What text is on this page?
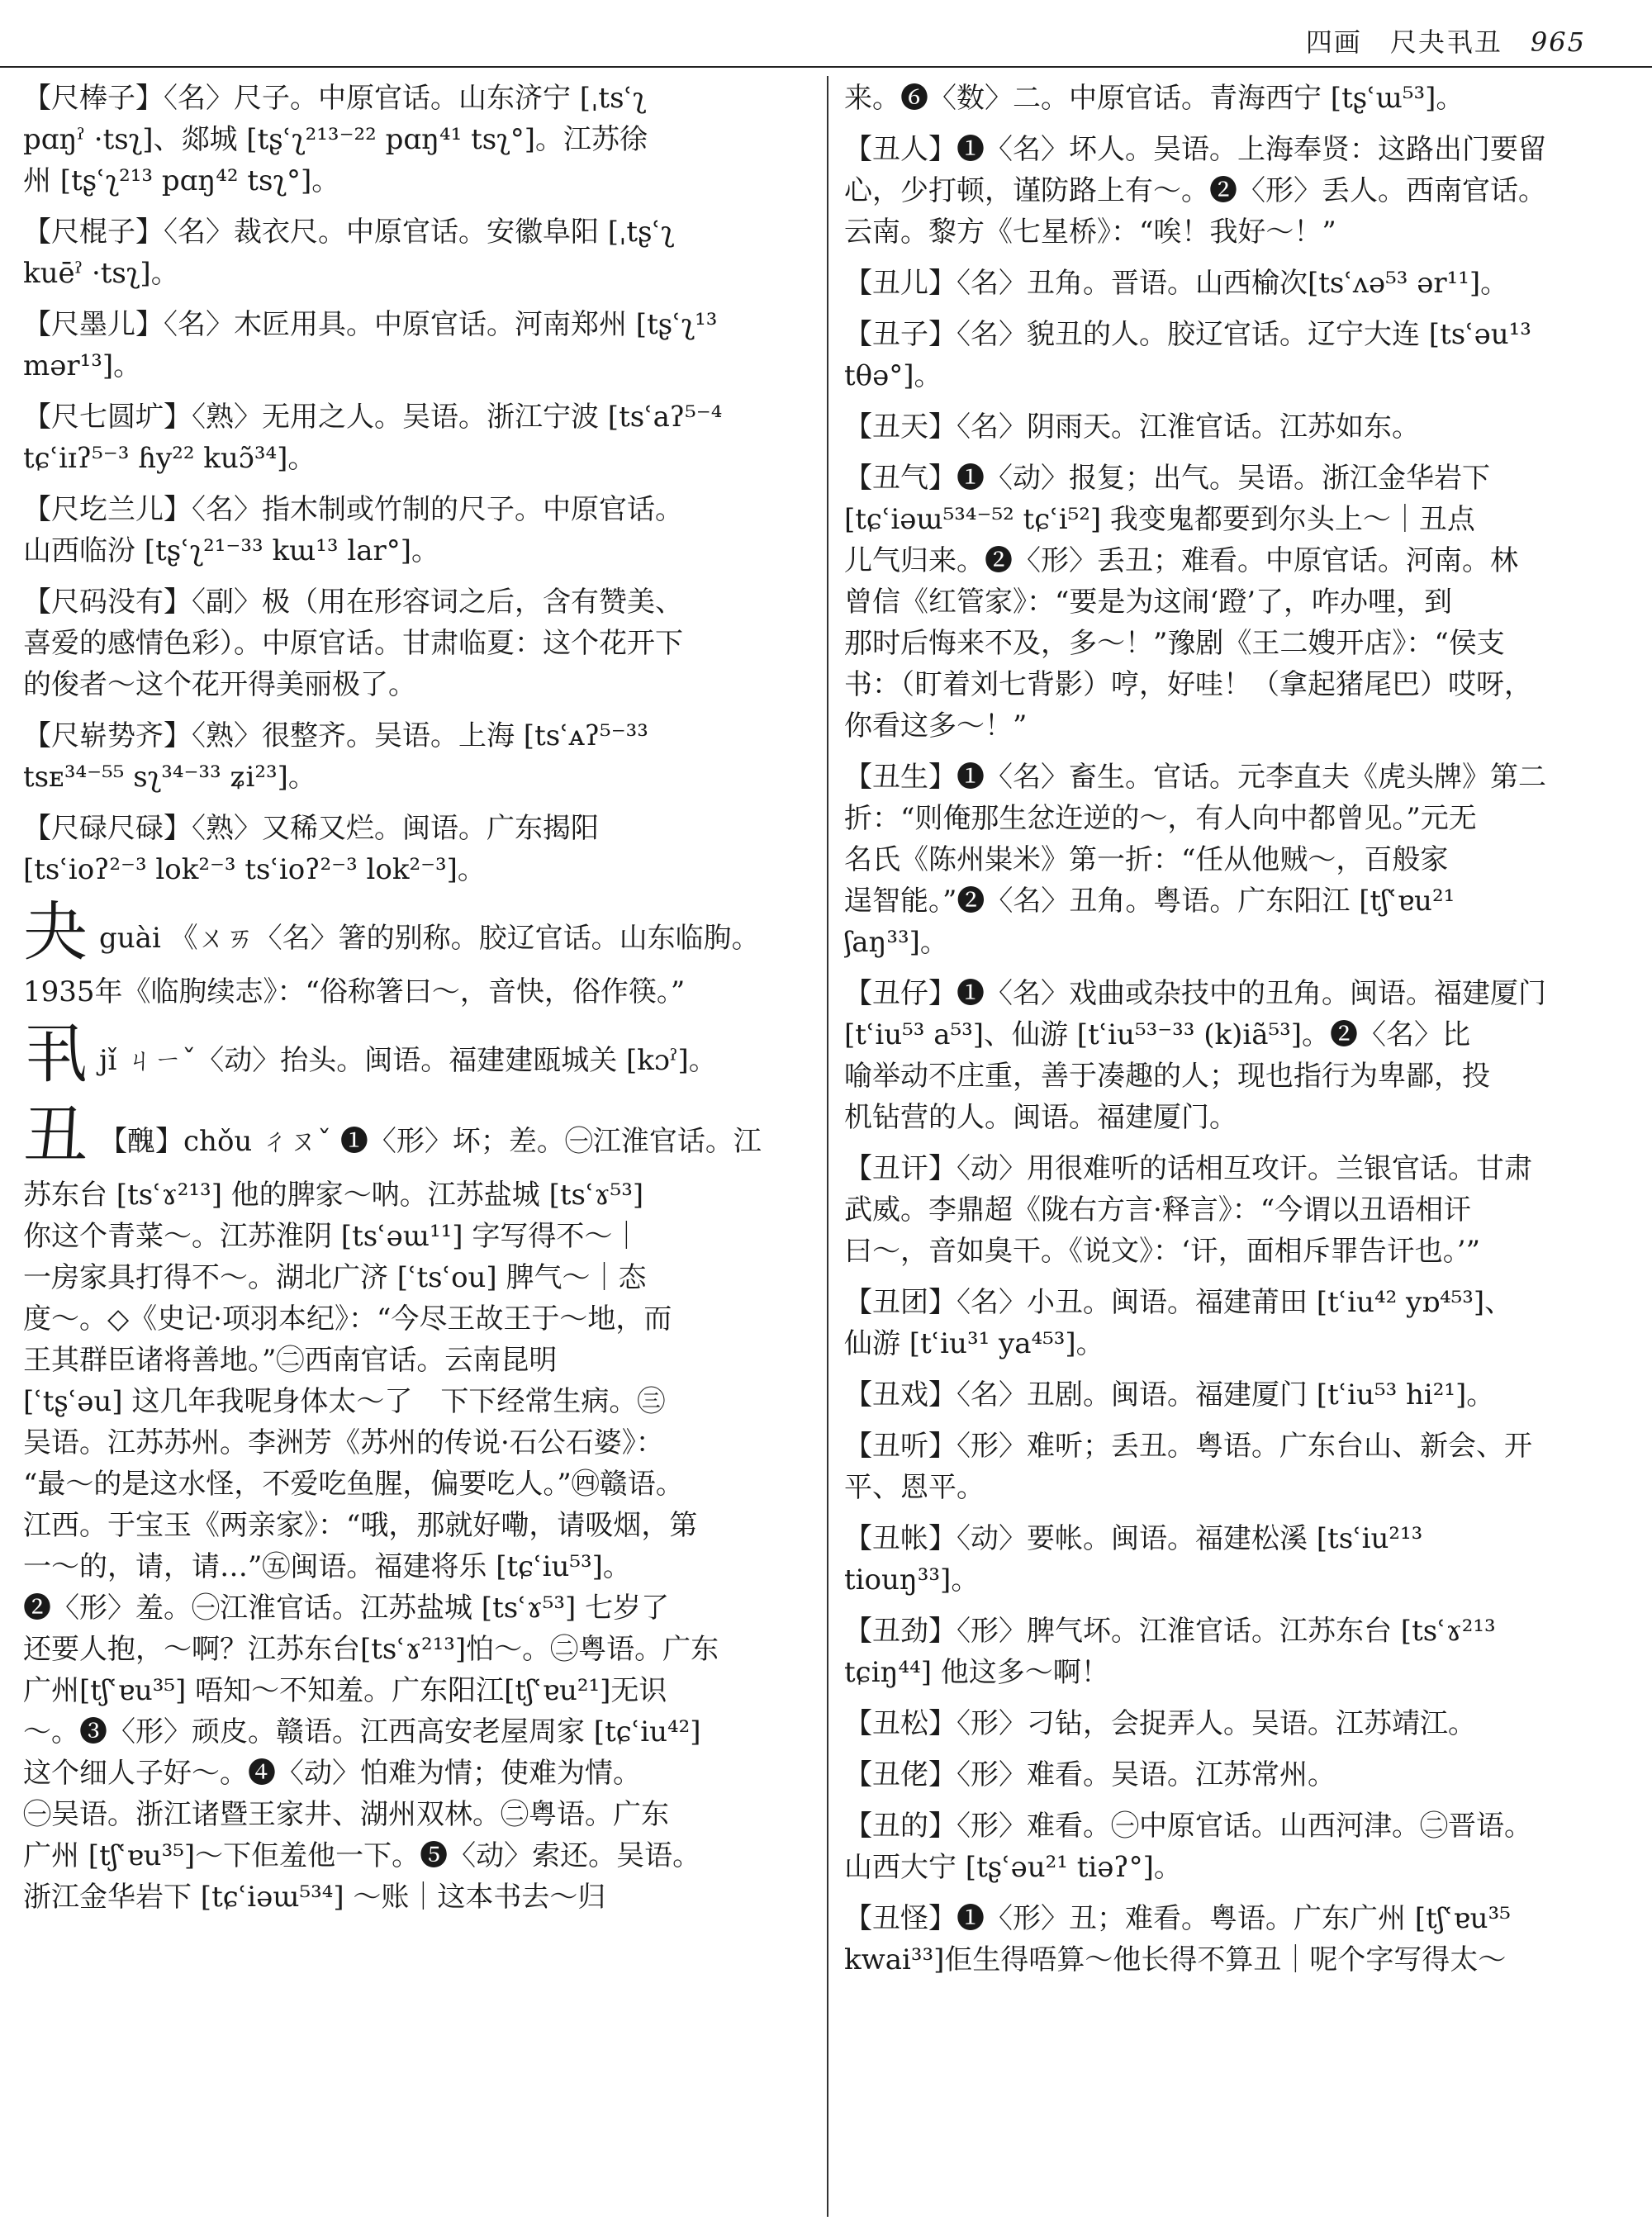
四画　尺夬丮丑 965
【尺棒子】〈名〉尺子。中原官话。山东济宁 [ˌtsʿʅ
pɑŋˀ ·tsʅ]、郯城 [tʂʿʅ²¹³⁻²² pɑŋ⁴¹ tsʅ°]。江苏徐
州 [tʂʿʅ²¹³ pɑŋ⁴² tsʅ°]。
【尺棍子】〈名〉裁衣尺。中原官话。安徽阜阳 [ˌtʂʿʅ
kuēˀ ·tsʅ]。
【尺墨儿】〈名〉木匠用具。中原官话。河南郑州 [tʂʿʅ¹³
mər¹³]。
【尺七圆圹】〈熟〉无用之人。吴语。浙江宁波 [tsʿaʔ⁵⁻⁴
tɕʿiɪʔ⁵⁻³ ɦy²² kuɔ̃³⁴]。
【尺圪兰儿】〈名〉指木制或竹制的尺子。中原官话。
山西临汾 [tʂʿʅ²¹⁻³³ kɯ¹³ lar°]。
【尺码没有】〈副〉极（用在形容词之后，含有赞美、
喜爱的感情色彩）。中原官话。甘肃临夏：这个花开下
的俊者～这个花开得美丽极了。
【尺崭势齐】〈熟〉很整齐。吴语。上海 [tsʿᴀʔ⁵⁻³³
tsᴇ³⁴⁻⁵⁵ sʅ³⁴⁻³³ ʑi²³]。
【尺碌尺碌】〈熟〉又稀又烂。闽语。广东揭阳
[tsʿioʔ²⁻³ lok²⁻³ tsʿioʔ²⁻³ lok²⁻³]。
夬guài 《ㄨㄞ〈名〉箸的别称。胶辽官话。山东临朐。
1935年《临朐续志》：“俗称箸曰～，音快，俗作筷。”
丮jǐ ㄐㄧˇ〈动〉抬头。闽语。福建建瓯城关 [kɔˀ]。
丑 【醜】chǒu ㄔㄡˇ ❶〈形〉坏；差。㊀江淮官话。江
苏东台 [tsʿɤ²¹³] 他的脾家～呐。江苏盐城 [tsʿɤ⁵³]
你这个青菜～。江苏淮阴 [tsʿəɯ¹¹] 字写得不～｜
一房家具打得不～。湖北广济 [ʿtsʿou] 脾气～｜态
度～。◇《史记·项羽本纪》：“今尽王故王于～地，而
王其群臣诸将善地。”㊁西南官话。云南昆明
[ʿtʂʿəu] 这几年我呢身体太～了　下下经常生病。㊂
吴语。江苏苏州。李洲芳《苏州的传说·石公石婆》：
“最～的是这水怪，不爱吃鱼腥，偏要吃人。”㊃赣语。
江西。于宝玉《两亲家》：“哦，那就好嘞，请吸烟，第
一～的，请，请…”㊄闽语。福建将乐 [tɕʿiu⁵³]。
❷〈形〉羞。㊀江淮官话。江苏盐城 [tsʿɤ⁵³] 七岁了
还要人抱，～啊？江苏东台[tsʿɤ²¹³]怕～。㊁粤语。广东
广州[tʃʿɐu³⁵] 唔知～不知羞。广东阳江[tʃʿɐu²¹]无识
～。❸〈形〉顽皮。赣语。江西高安老屋周家 [tɕʿiu⁴²]
这个细人子好～。❹〈动〉怕难为情；使难为情。
㊀吴语。浙江诸暨王家井、湖州双林。㊁粤语。广东
广州 [tʃʿɐu³⁵]～下佢羞他一下。❺〈动〉索还。吴语。
浙江金华岩下 [tɕʿiəɯ⁵³⁴] ～账｜这本书去～归
来。❻〈数〉二。中原官话。青海西宁 [tʂʿɯ⁵³]。
【丑人】❶〈名〉坏人。吴语。上海奉贤：这路出门要留
心，少打顿，谨防路上有～。❷〈形〉丢人。西南官话。
云南。黎方《七星桥》：“唉！我好～！”
【丑儿】〈名〉丑角。晋语。山西榆次[tsʿʌə⁵³ ər¹¹]。
【丑子】〈名〉貌丑的人。胶辽官话。辽宁大连 [tsʿəu¹³
tθə°]。
【丑天】〈名〉阴雨天。江淮官话。江苏如东。
【丑气】❶〈动〉报复；出气。吴语。浙江金华岩下
[tɕʿiəɯ⁵³⁴⁻⁵² tɕʿi⁵²] 我变鬼都要到尔头上～｜丑点
儿气归来。❷〈形〉丢丑；难看。中原官话。河南。林
曾信《红管家》：“要是为这闹‘蹬’了，咋办哩，到
那时后悔来不及，多～！”豫剧《王二嫂开店》：“侯支
书：（盯着刘七背影）哼，好哇！（拿起猪尾巴）哎呀，
你看这多～！”
【丑生】❶〈名〉畜生。官话。元李直夫《虎头牌》第二
折：“则俺那生忿迕逆的～，有人向中都曾见。”元无
名氏《陈州粜米》第一折：“任从他贼～，百般家
逞智能。”❷〈名〉丑角。粤语。广东阳江 [tʃʿɐu²¹
ʃaŋ³³]。
【丑仔】❶〈名〉戏曲或杂技中的丑角。闽语。福建厦门
[tʿiu⁵³ a⁵³]、仙游 [tʿiu⁵³⁻³³ (k)iã⁵³]。❷〈名〉比
喻举动不庄重，善于凑趣的人；现也指行为卑鄙，投
机钻营的人。闽语。福建厦门。
【丑讦】〈动〉用很难听的话相互攻讦。兰银官话。甘肃
武威。李鼎超《陇右方言·释言》：“今谓以丑语相讦
曰～，音如臭干。《说文》：‘讦，面相斥罪告讦也。’”
【丑团】〈名〉小丑。闽语。福建莆田 [tʿiu⁴² yɒ⁴⁵³]、
仙游 [tʿiu³¹ ya⁴⁵³]。
【丑戏】〈名〉丑剧。闽语。福建厦门 [tʿiu⁵³ hi²¹]。
【丑听】〈形〉难听；丢丑。粤语。广东台山、新会、开
平、恩平。
【丑帐】〈动〉要帐。闽语。福建松溪 [tsʿiu²¹³
tiouŋ³³]。
【丑劲】〈形〉脾气坏。江淮官话。江苏东台 [tsʿɤ²¹³
tɕiŋ⁴⁴] 他这多～啊！
【丑松】〈形〉刁钻，会捉弄人。吴语。江苏靖江。
【丑佬】〈形〉难看。吴语。江苏常州。
【丑的】〈形〉难看。㊀中原官话。山西河津。㊁晋语。
山西大宁 [tʂʿəu²¹ tiəʔ°]。
【丑怪】❶〈形〉丑；难看。粤语。广东广州 [tʃʿɐu³⁵
kwai³³]佢生得唔算～他长得不算丑｜呢个字写得太～
